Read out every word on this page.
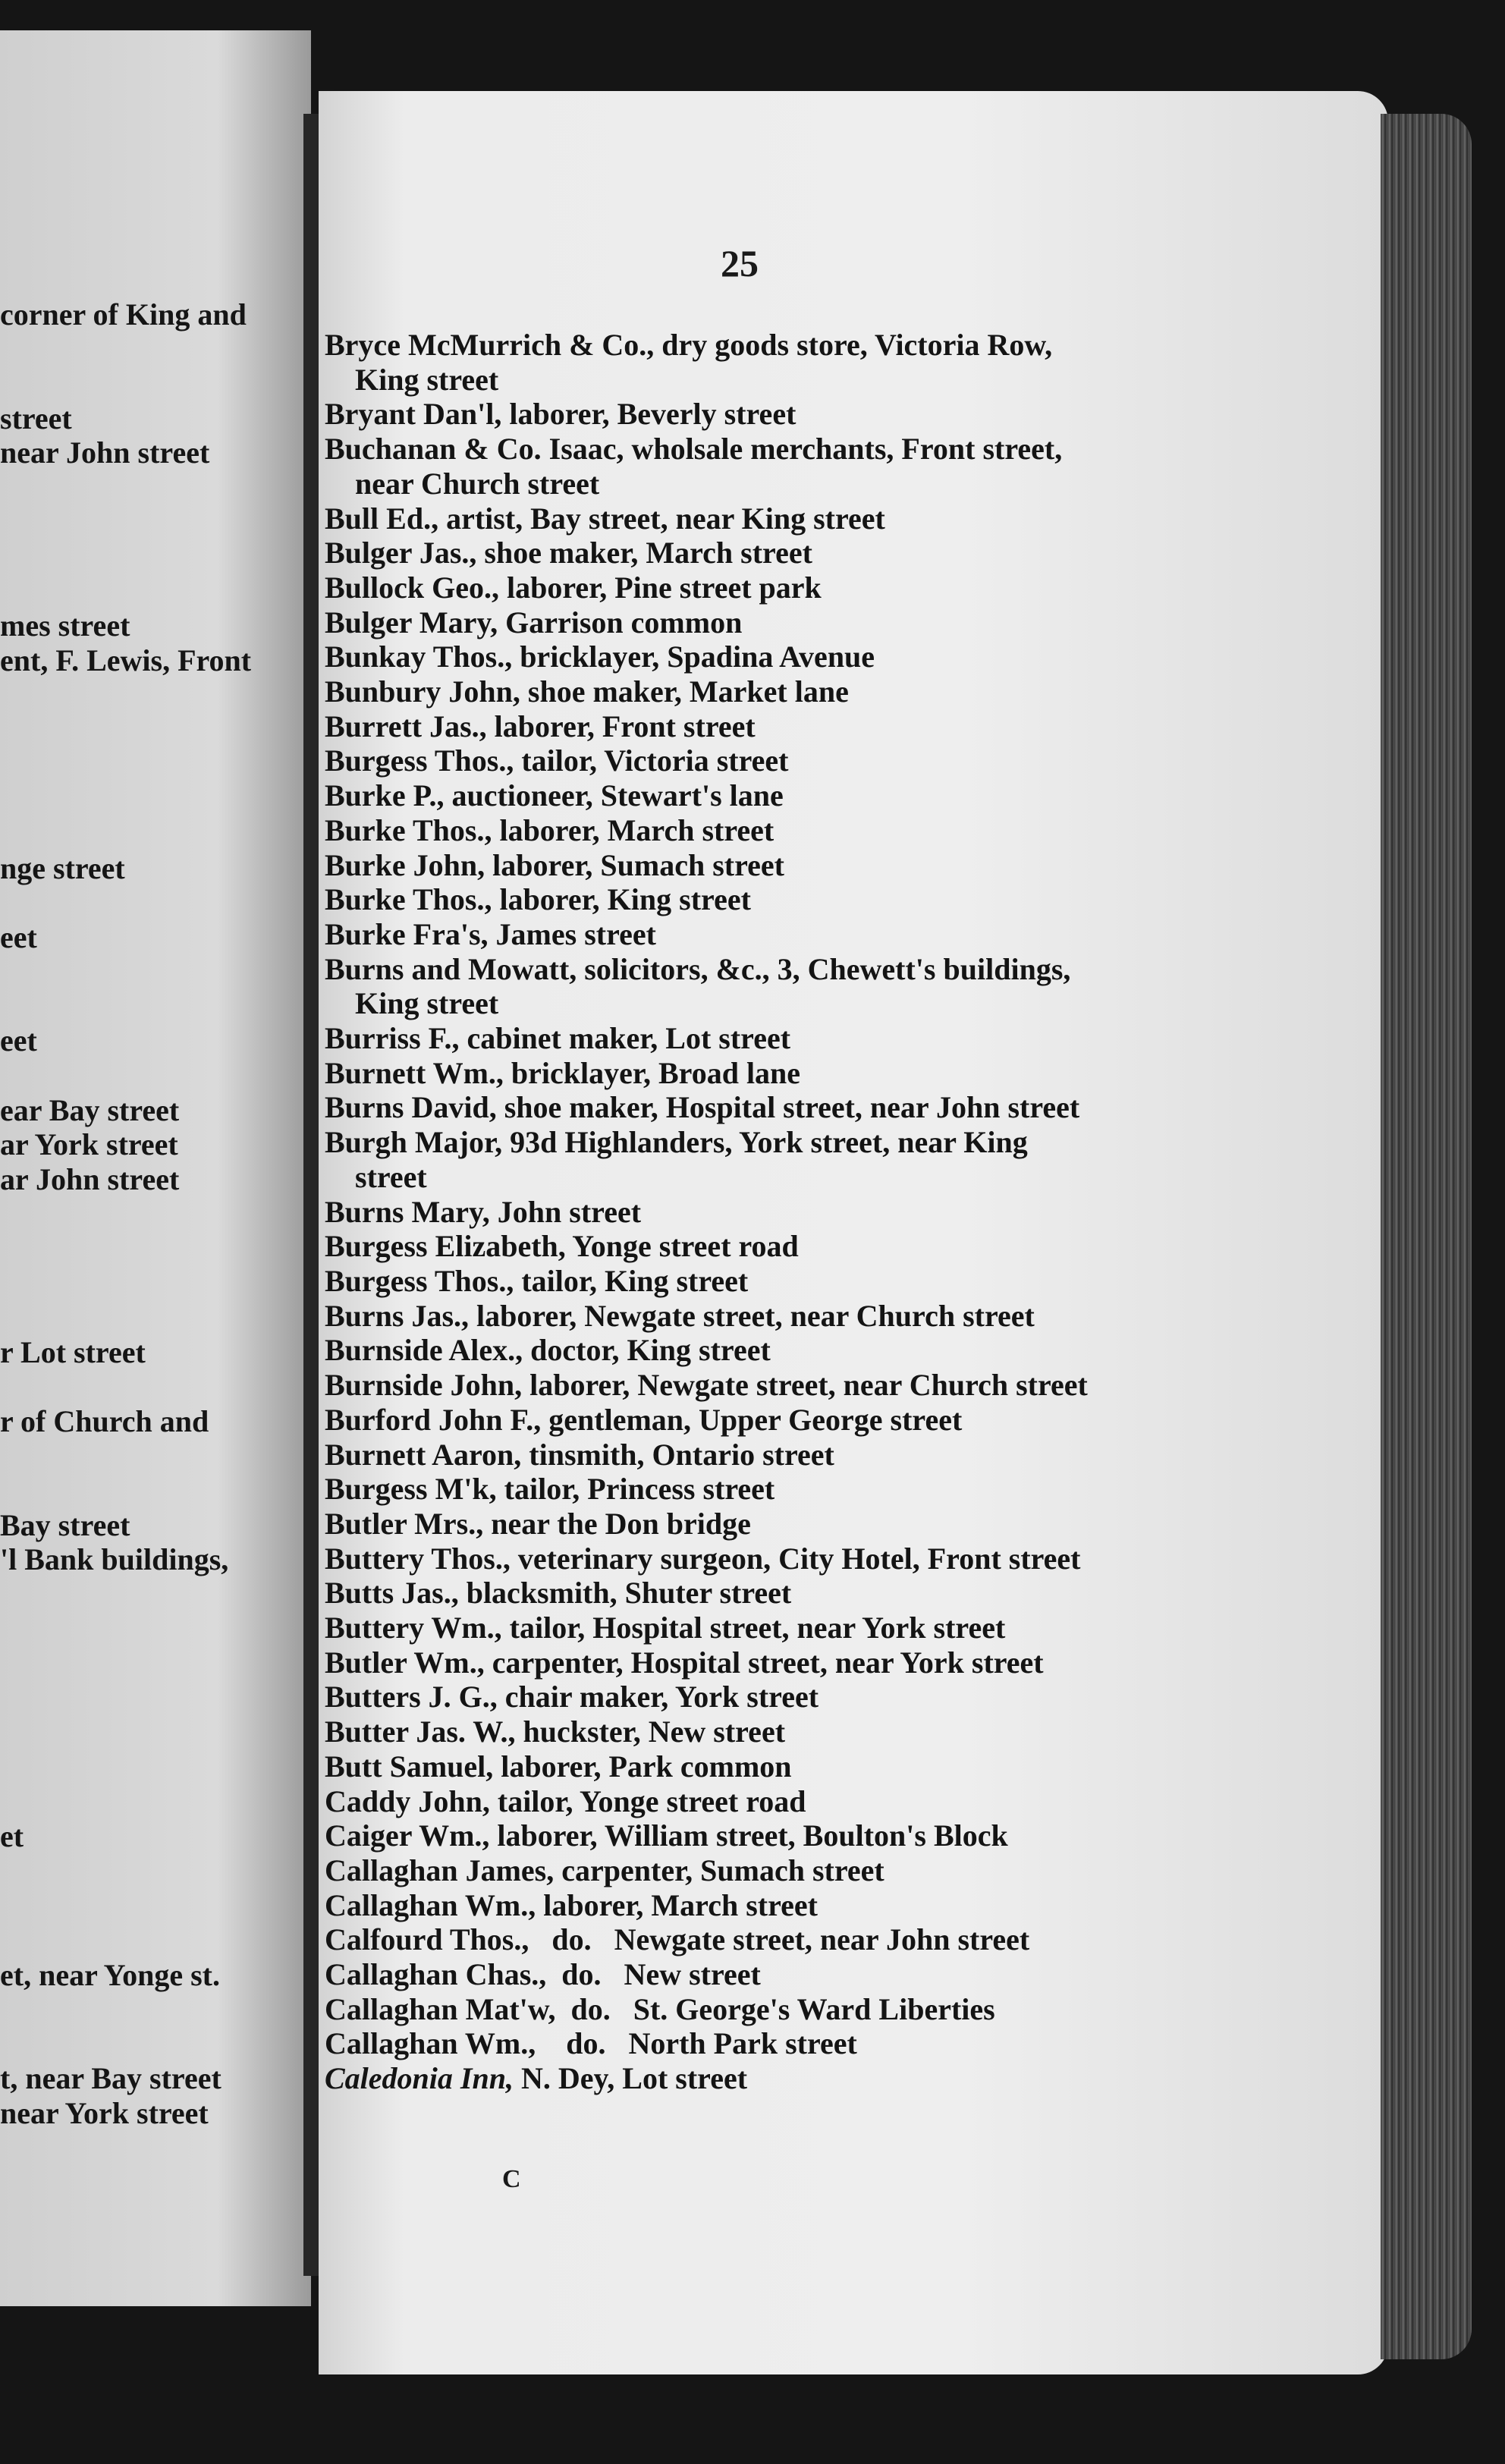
corner of King and
street
near John street
mes street
ent, F. Lewis, Front
nge street
eet
eet
ear Bay street
ar York street
ar John street
r Lot street
r of Church and
Bay street
'l Bank buildings,
et
et, near Yonge st.
t, near Bay street
near York street
25
Bryce McMurrich & Co., dry goods store, Victoria Row,
King street
Bryant Dan'l, laborer, Beverly street
Buchanan & Co. Isaac, wholsale merchants, Front street,
near Church street
Bull Ed., artist, Bay street, near King street
Bulger Jas., shoe maker, March street
Bullock Geo., laborer, Pine street park
Bulger Mary, Garrison common
Bunkay Thos., bricklayer, Spadina Avenue
Bunbury John, shoe maker, Market lane
Burrett Jas., laborer, Front street
Burgess Thos., tailor, Victoria street
Burke P., auctioneer, Stewart's lane
Burke Thos., laborer, March street
Burke John, laborer, Sumach street
Burke Thos., laborer, King street
Burke Fra's, James street
Burns and Mowatt, solicitors, &c., 3, Chewett's buildings,
King street
Burriss F., cabinet maker, Lot street
Burnett Wm., bricklayer, Broad lane
Burns David, shoe maker, Hospital street, near John street
Burgh Major, 93d Highlanders, York street, near King
street
Burns Mary, John street
Burgess Elizabeth, Yonge street road
Burgess Thos., tailor, King street
Burns Jas., laborer, Newgate street, near Church street
Burnside Alex., doctor, King street
Burnside John, laborer, Newgate street, near Church street
Burford John F., gentleman, Upper George street
Burnett Aaron, tinsmith, Ontario street
Burgess M'k, tailor, Princess street
Butler Mrs., near the Don bridge
Buttery Thos., veterinary surgeon, City Hotel, Front street
Butts Jas., blacksmith, Shuter street
Buttery Wm., tailor, Hospital street, near York street
Butler Wm., carpenter, Hospital street, near York street
Butters J. G., chair maker, York street
Butter Jas. W., huckster, New street
Butt Samuel, laborer, Park common
Caddy John, tailor, Yonge street road
Caiger Wm., laborer, William street, Boulton's Block
Callaghan James, carpenter, Sumach street
Callaghan Wm., laborer, March street
Calfourd Thos.,   do.   Newgate street, near John street
Callaghan Chas.,  do.   New street
Callaghan Mat'w,  do.   St. George's Ward Liberties
Callaghan Wm.,    do.   North Park street
Caledonia Inn, N. Dey, Lot street
C
